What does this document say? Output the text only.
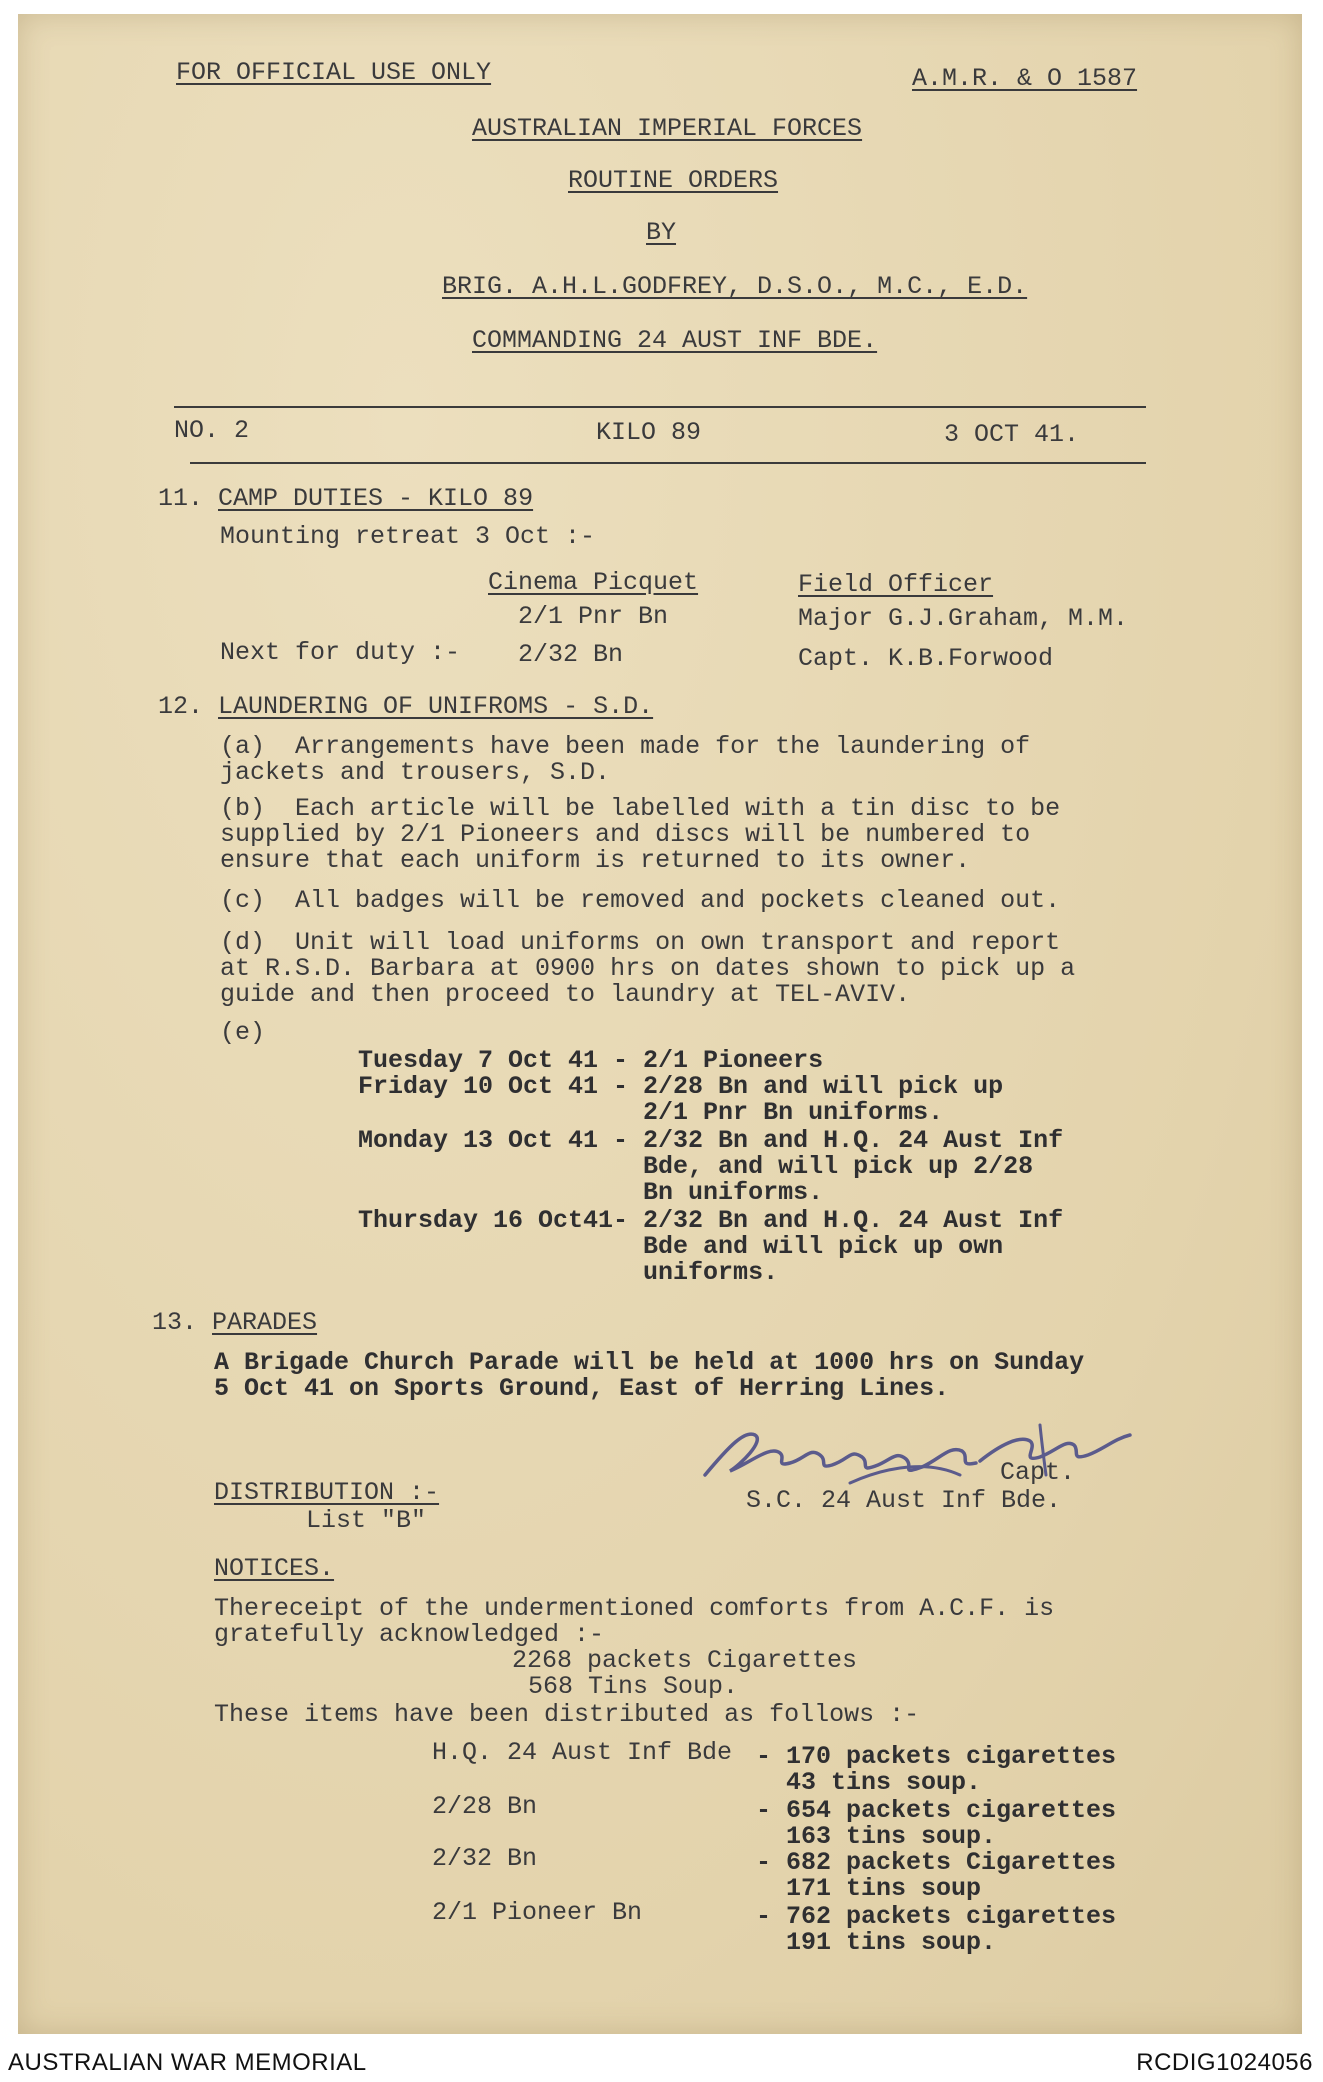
FOR OFFICIAL USE ONLY	A.M.R. & O 1587
AUSTRALIAN IMPERIAL FORCES
ROUTINE ORDERS
BY
BRIG. A.H.L.GODFREY, D.S.O., M.C., E.D.
COMMANDING 24 AUST INF BDE.
NO. 2	KILO 89	3 OCT 41.
11. CAMP DUTIES - KILO 89
Mounting retreat 3 Oct :-
Cinema Picquet	Field Officer
2/1 Pnr Bn	Major G.J.Graham, M.M.
Next for duty :- 2/32 Bn	Capt. K.B.Forwood
12. LAUNDERING OF UNIFROMS - S.D.
(a)  Arrangements have been made for the laundering of
jackets and trousers, S.D.
(b)  Each article will be labelled with a tin disc to be
supplied by 2/1 Pioneers and discs will be numbered to
ensure that each uniform is returned to its owner.
(c)  All badges will be removed and pockets cleaned out.
(d)  Unit will load uniforms on own transport and report
at R.S.D. Barbara at 0900 hrs on dates shown to pick up a
guide and then proceed to laundry at TEL-AVIV.
(e)
Tuesday 7 Oct 41 - 2/1 Pioneers
Friday 10 Oct 41 - 2/28 Bn and will pick up
2/1 Pnr Bn uniforms.
Monday 13 Oct 41 - 2/32 Bn and H.Q. 24 Aust Inf
Bde, and will pick up 2/28
Bn uniforms.
Thursday 16 Oct41- 2/32 Bn and H.Q. 24 Aust Inf
Bde and will pick up own
uniforms.
13. PARADES
A Brigade Church Parade will be held at 1000 hrs on Sunday
5 Oct 41 on Sports Ground, East of Herring Lines.
Capt.
S.C. 24 Aust Inf Bde.
DISTRIBUTION :-
List "B"
NOTICES.
Thereceipt of the undermentioned comforts from A.C.F. is
gratefully acknowledged :-
2268 packets Cigarettes
568 Tins Soup.
These items have been distributed as follows :-
H.Q. 24 Aust Inf Bde - 170 packets cigarettes
43 tins soup.
2/28 Bn	- 654 packets cigarettes
163 tins soup.
2/32 Bn	- 682 packets Cigarettes
171 tins soup
2/1 Pioneer Bn	- 762 packets cigarettes
191 tins soup.
AUSTRALIAN WAR MEMORIAL	RCDIG1024056
